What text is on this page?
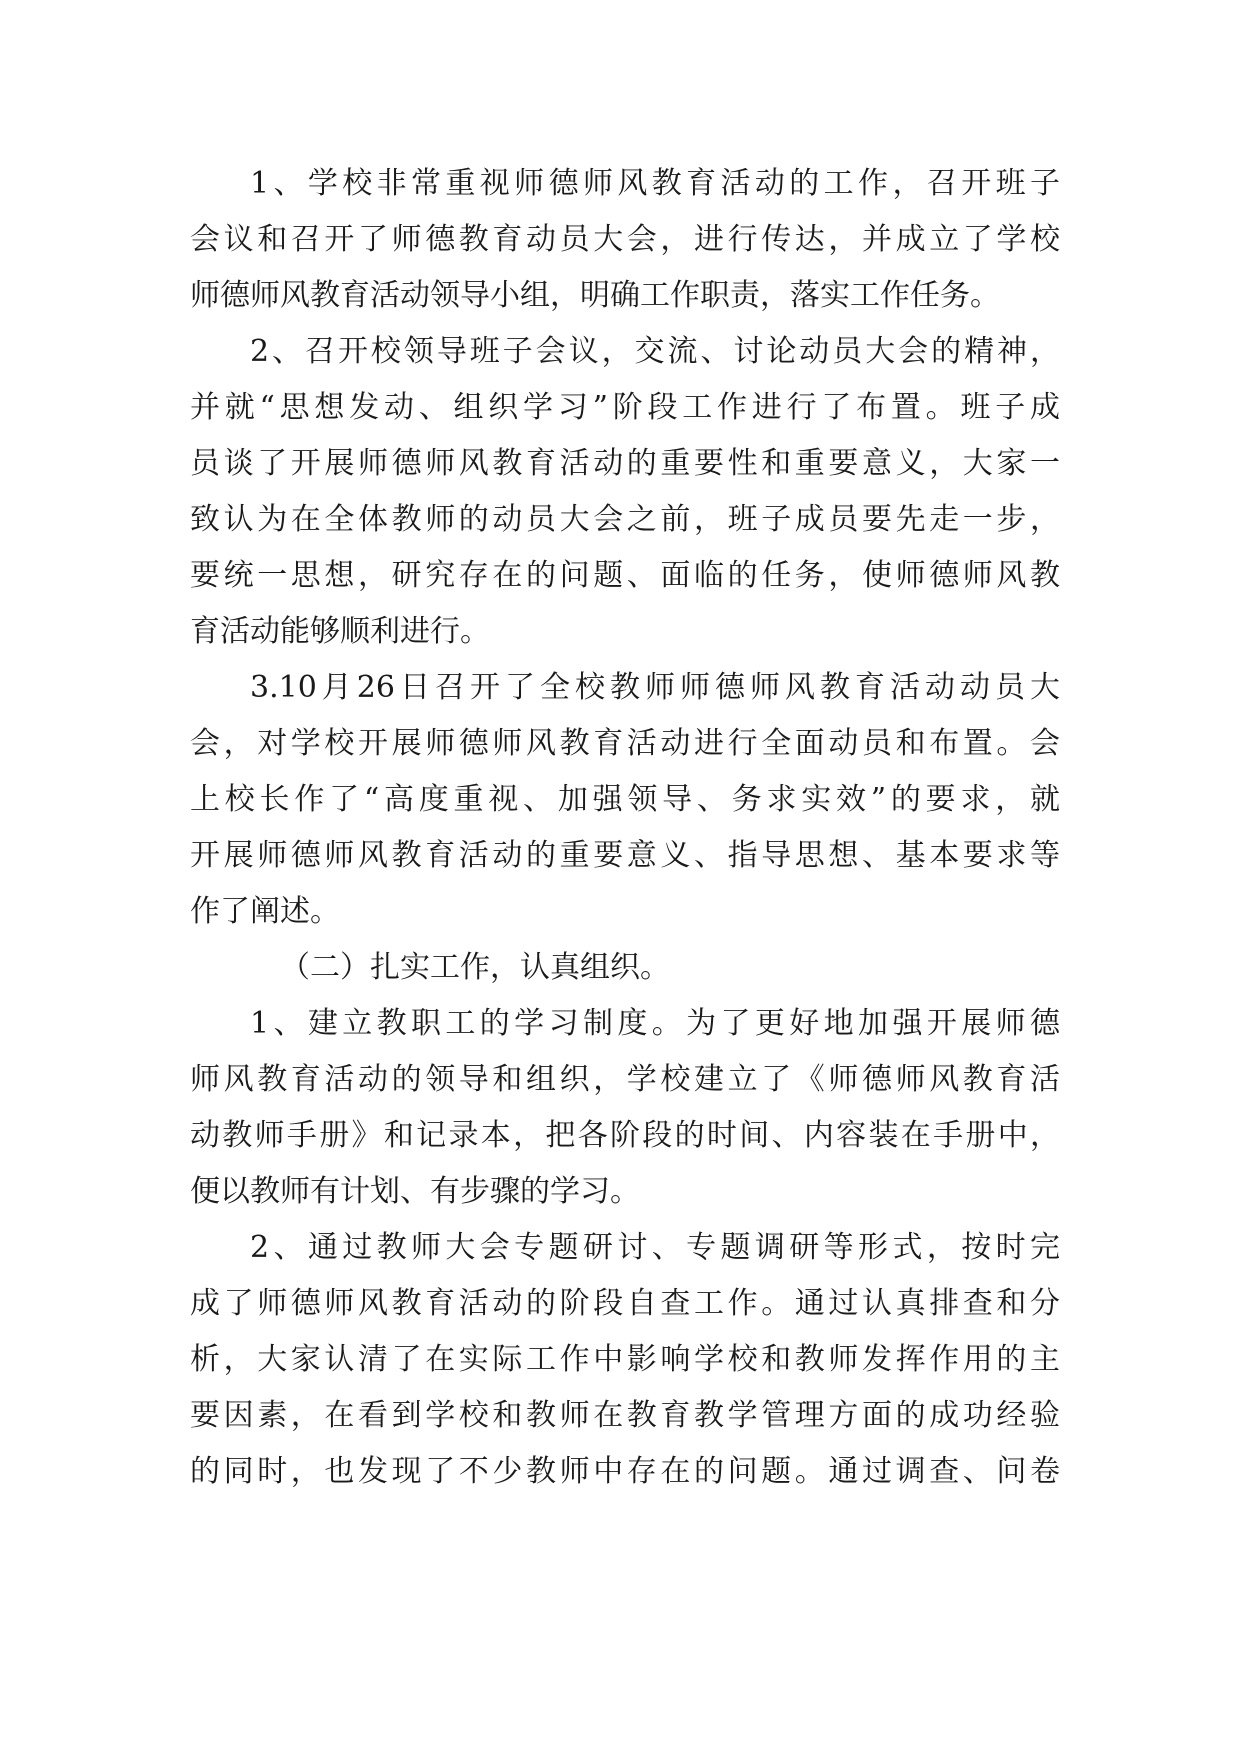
1、学校非常重视师德师风教育活动的工作，召开班子
会议和召开了师德教育动员大会，进行传达，并成立了学校
师德师风教育活动领导小组，明确工作职责，落实工作任务。
2、召开校领导班子会议，交流、讨论动员大会的精神，
并就“思想发动、组织学习”阶段工作进行了布置。班子成
员谈了开展师德师风教育活动的重要性和重要意义，大家一
致认为在全体教师的动员大会之前，班子成员要先走一步，
要统一思想，研究存在的问题、面临的任务，使师德师风教
育活动能够顺利进行。
3.10月26日召开了全校教师师德师风教育活动动员大
会，对学校开展师德师风教育活动进行全面动员和布置。会
上校长作了“高度重视、加强领导、务求实效”的要求，就
开展师德师风教育活动的重要意义、指导思想、基本要求等
作了阐述。
（二）扎实工作，认真组织。
1、建立教职工的学习制度。为了更好地加强开展师德
师风教育活动的领导和组织，学校建立了《师德师风教育活
动教师手册》和记录本，把各阶段的时间、内容装在手册中，
便以教师有计划、有步骤的学习。
2、通过教师大会专题研讨、专题调研等形式，按时完
成了师德师风教育活动的阶段自查工作。通过认真排查和分
析，大家认清了在实际工作中影响学校和教师发挥作用的主
要因素，在看到学校和教师在教育教学管理方面的成功经验
的同时，也发现了不少教师中存在的问题。通过调查、问卷
